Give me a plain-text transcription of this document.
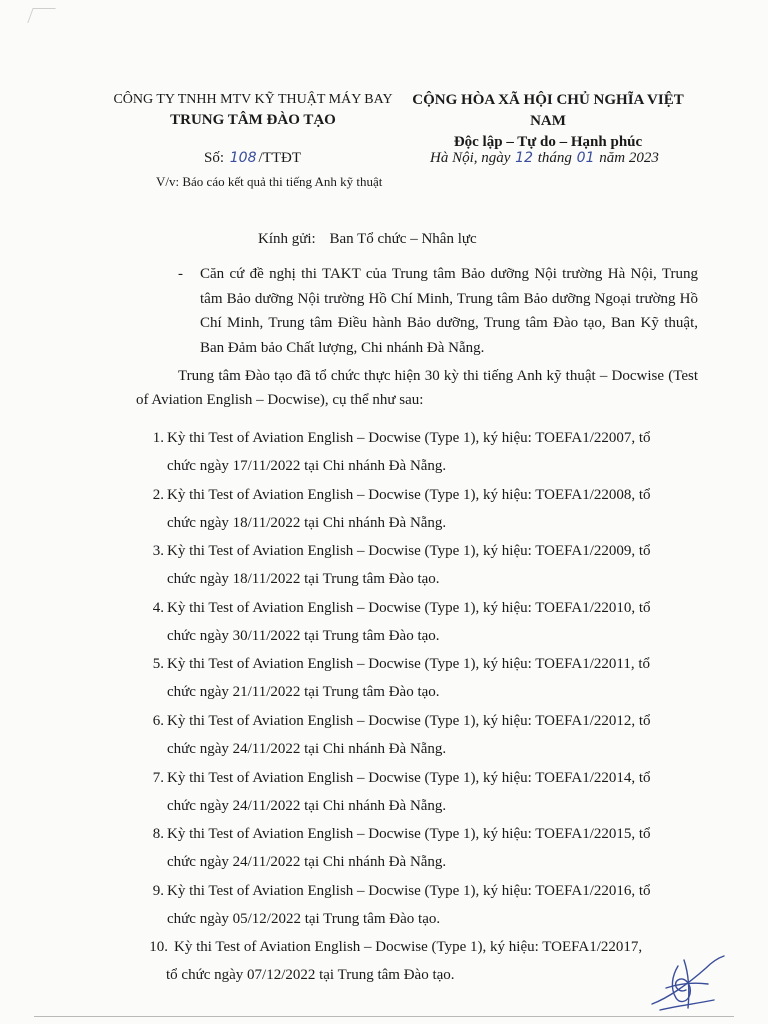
CÔNG TY TNHH MTV KỸ THUẬT MÁY BAY
TRUNG TÂM ĐÀO TẠO
CỘNG HÒA XÃ HỘI CHỦ NGHĨA VIỆT NAM
Độc lập – Tự do – Hạnh phúc
Số: 108 /TTĐT
V/v: Báo cáo kết quả thi tiếng Anh kỹ thuật
Hà Nội, ngày 12 tháng 01 năm 2023
Kính gửi: Ban Tổ chức – Nhân lực
- Căn cứ đề nghị thi TAKT của Trung tâm Bảo dưỡng Nội trường Hà Nội, Trung tâm Bảo dưỡng Nội trường Hồ Chí Minh, Trung tâm Bảo dưỡng Ngoại trường Hồ Chí Minh, Trung tâm Điều hành Bảo dưỡng, Trung tâm Đào tạo, Ban Kỹ thuật, Ban Đảm bảo Chất lượng, Chi nhánh Đà Nẵng.
Trung tâm Đào tạo đã tổ chức thực hiện 30 kỳ thi tiếng Anh kỹ thuật – Docwise (Test of Aviation English – Docwise), cụ thể như sau:
1. Kỳ thi Test of Aviation English – Docwise (Type 1), ký hiệu: TOEFA1/22007, tổ
chức ngày 17/11/2022 tại Chi nhánh Đà Nẵng.
2. Kỳ thi Test of Aviation English – Docwise (Type 1), ký hiệu: TOEFA1/22008, tổ
chức ngày 18/11/2022 tại Chi nhánh Đà Nẵng.
3. Kỳ thi Test of Aviation English – Docwise (Type 1), ký hiệu: TOEFA1/22009, tổ
chức ngày 18/11/2022 tại Trung tâm Đào tạo.
4. Kỳ thi Test of Aviation English – Docwise (Type 1), ký hiệu: TOEFA1/22010, tổ
chức ngày 30/11/2022 tại Trung tâm Đào tạo.
5. Kỳ thi Test of Aviation English – Docwise (Type 1), ký hiệu: TOEFA1/22011, tổ
chức ngày 21/11/2022 tại Trung tâm Đào tạo.
6. Kỳ thi Test of Aviation English – Docwise (Type 1), ký hiệu: TOEFA1/22012, tổ
chức ngày 24/11/2022 tại Chi nhánh Đà Nẵng.
7. Kỳ thi Test of Aviation English – Docwise (Type 1), ký hiệu: TOEFA1/22014, tổ
chức ngày 24/11/2022 tại Chi nhánh Đà Nẵng.
8. Kỳ thi Test of Aviation English – Docwise (Type 1), ký hiệu: TOEFA1/22015, tổ
chức ngày 24/11/2022 tại Chi nhánh Đà Nẵng.
9. Kỳ thi Test of Aviation English – Docwise (Type 1), ký hiệu: TOEFA1/22016, tổ
chức ngày 05/12/2022 tại Trung tâm Đào tạo.
10. Kỳ thi Test of Aviation English – Docwise (Type 1), ký hiệu: TOEFA1/22017,
tổ chức ngày 07/12/2022 tại Trung tâm Đào tạo.
